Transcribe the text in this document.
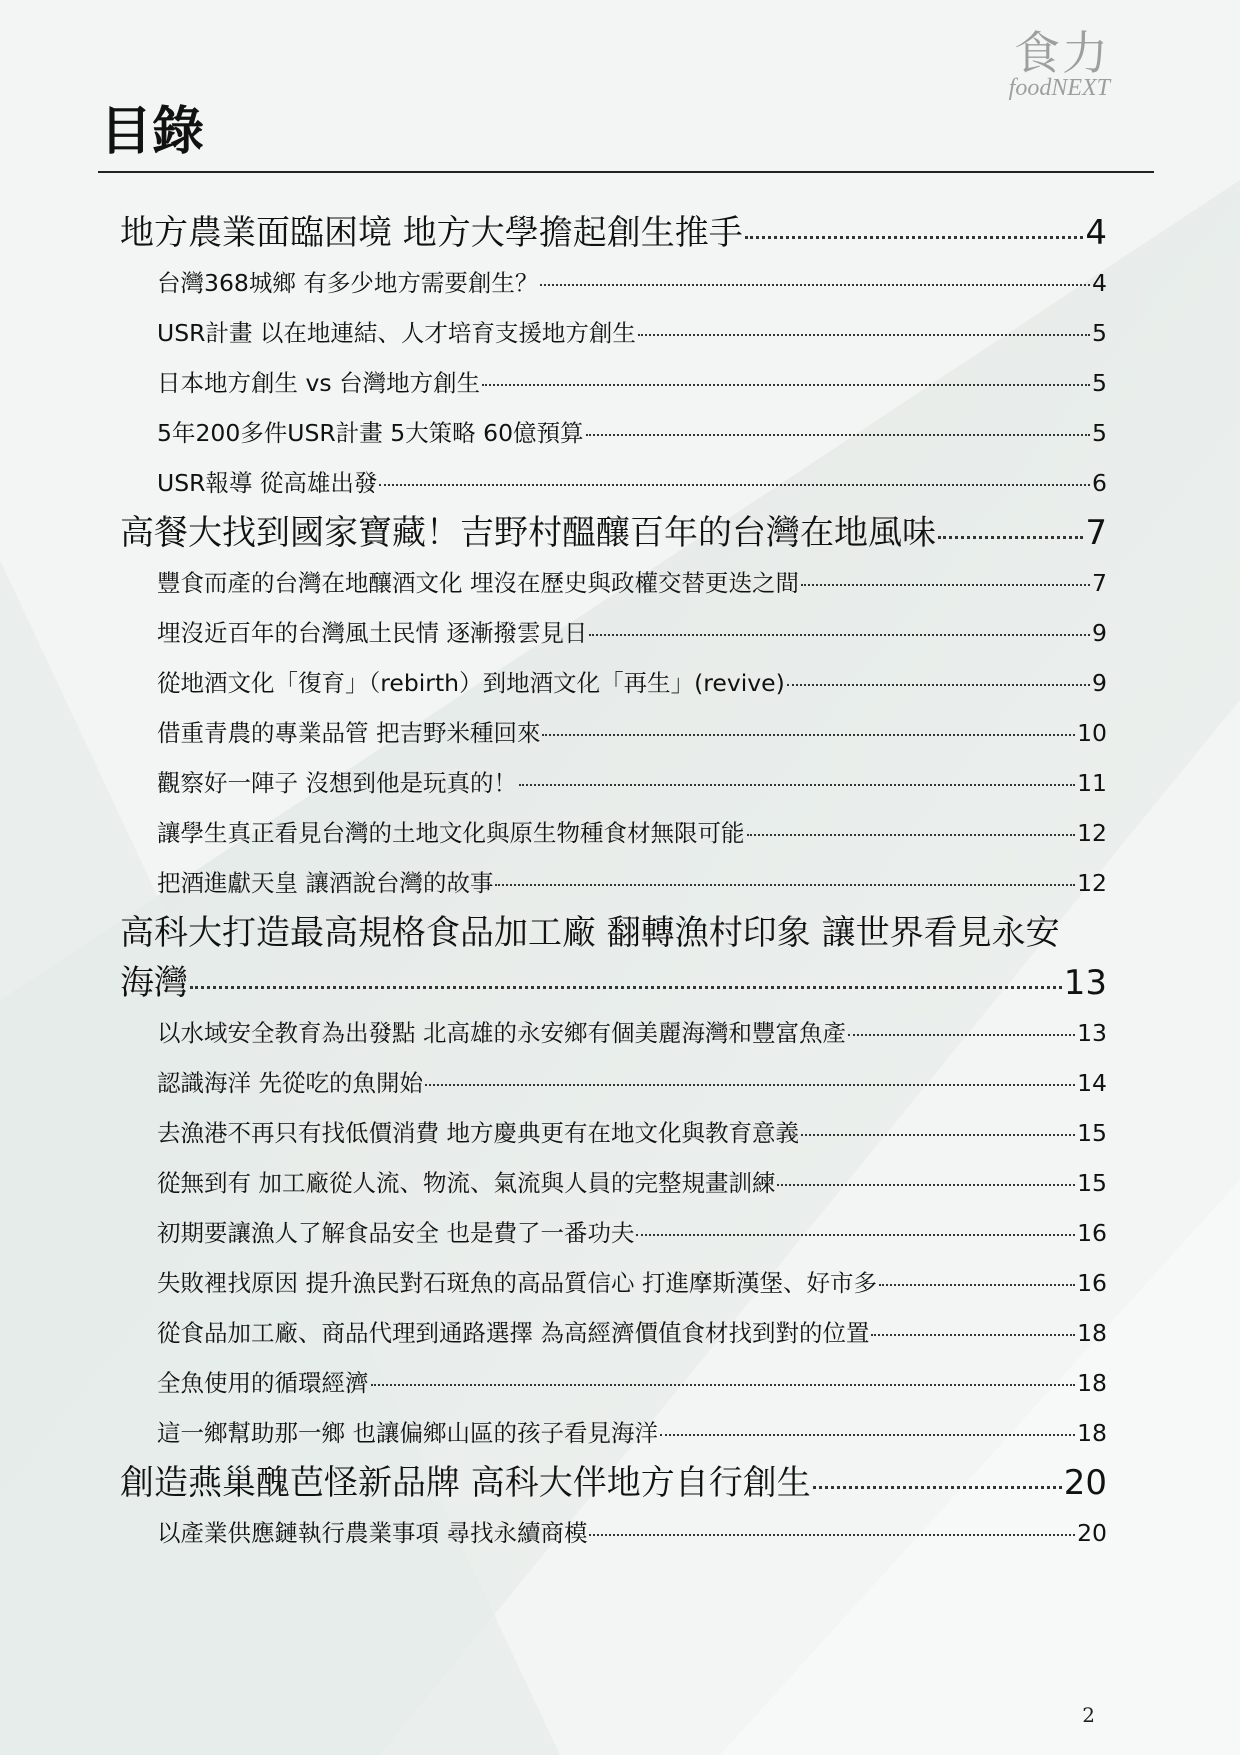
食力
foodNEXT
目錄
地方農業面臨困境 地方大學擔起創生推手	4
台灣368城鄉 有多少地方需要創生？	4
USR計畫 以在地連結、人才培育支援地方創生	5
日本地方創生 vs 台灣地方創生	5
5年200多件USR計畫 5大策略 60億預算	5
USR報導 從高雄出發	6
高餐大找到國家寶藏！吉野村醞釀百年的台灣在地風味	7
豐食而產的台灣在地釀酒文化 埋沒在歷史與政權交替更迭之間	7
埋沒近百年的台灣風土民情 逐漸撥雲見日	9
從地酒文化「復育」（rebirth）到地酒文化「再生」(revive)	9
借重青農的專業品管 把吉野米種回來	10
觀察好一陣子 沒想到他是玩真的！	11
讓學生真正看見台灣的土地文化與原生物種食材無限可能	12
把酒進獻天皇 讓酒說台灣的故事	12
高科大打造最高規格食品加工廠 翻轉漁村印象 讓世界看見永安
海灣	13
以水域安全教育為出發點 北高雄的永安鄉有個美麗海灣和豐富魚產	13
認識海洋 先從吃的魚開始	14
去漁港不再只有找低價消費 地方慶典更有在地文化與教育意義	15
從無到有 加工廠從人流、物流、氣流與人員的完整規畫訓練	15
初期要讓漁人了解食品安全 也是費了一番功夫	16
失敗裡找原因 提升漁民對石斑魚的高品質信心 打進摩斯漢堡、好市多	16
從食品加工廠、商品代理到通路選擇 為高經濟價值食材找到對的位置	18
全魚使用的循環經濟	18
這一鄉幫助那一鄉 也讓偏鄉山區的孩子看見海洋	18
創造燕巢醜芭怪新品牌 高科大伴地方自行創生	20
以產業供應鏈執行農業事項 尋找永續商模	20
2
